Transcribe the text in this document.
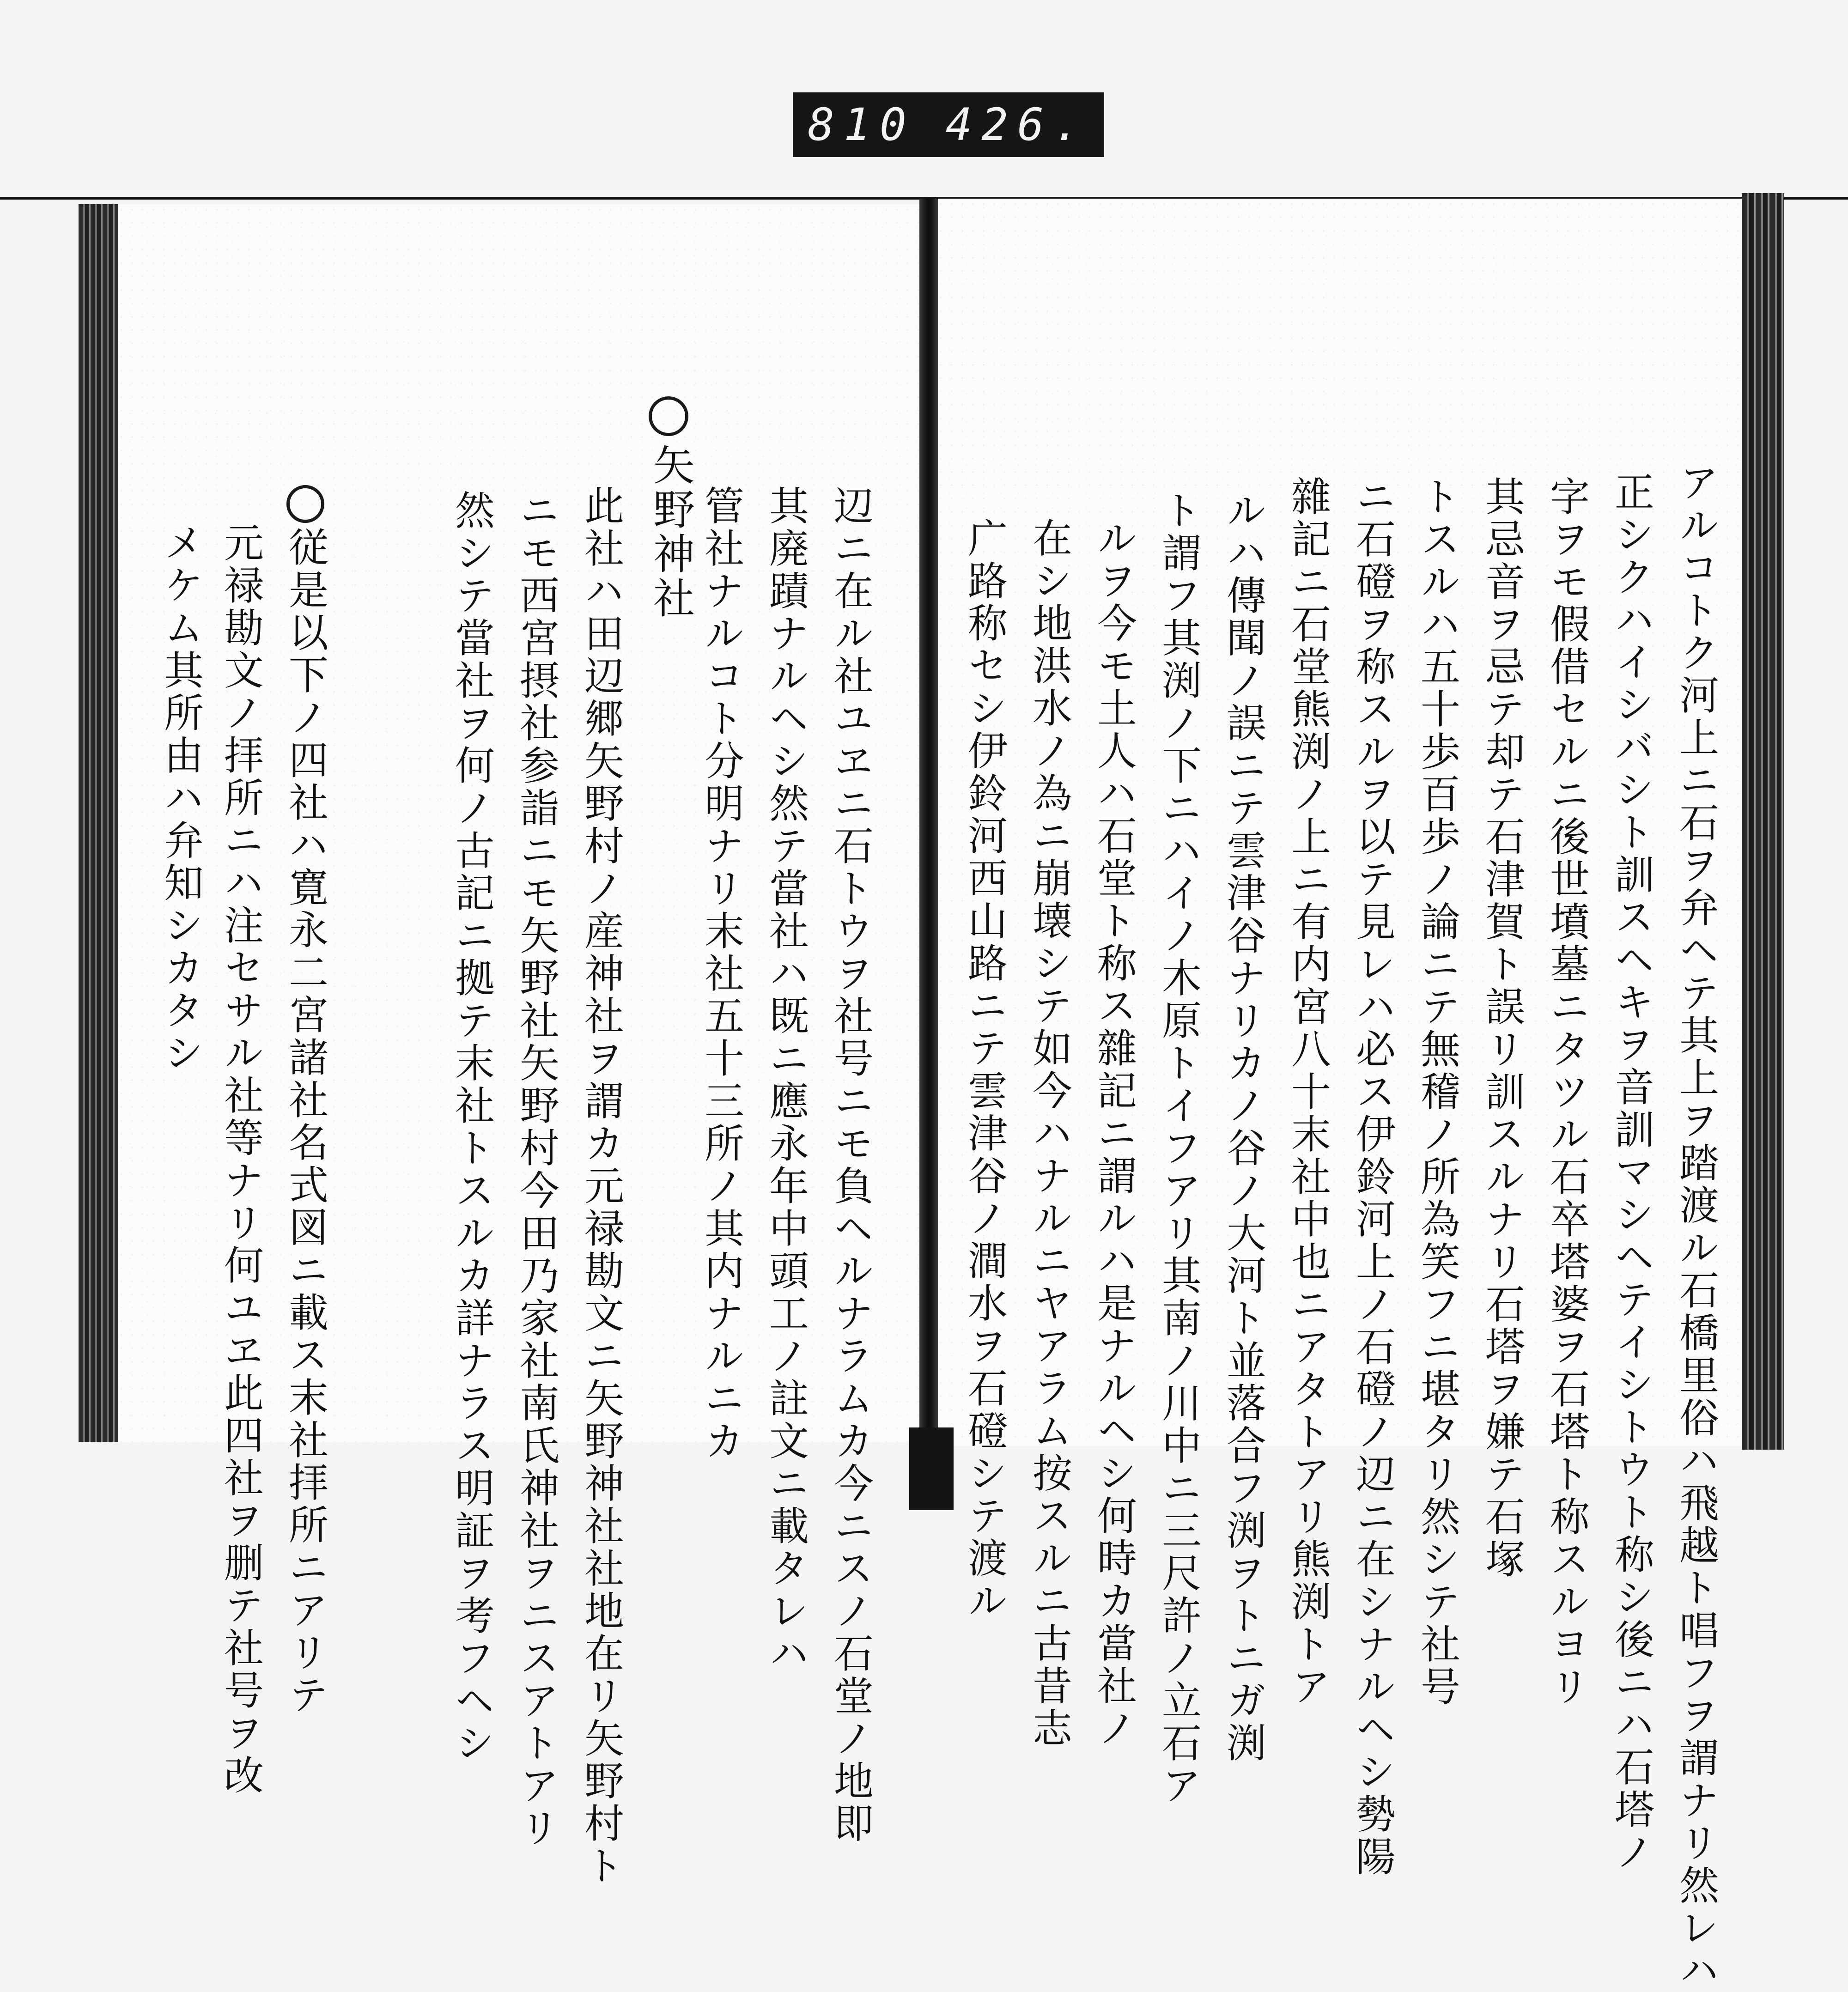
810 426.
アルコトク河上ニ石ヲ弁ヘテ其上ヲ踏渡ル石橋里俗ハ飛越ト唱フヲ謂ナリ然レハ
正シクハイシバシト訓スヘキヲ音訓マシヘテイシトウト称シ後ニハ石塔ノ
字ヲモ假借セルニ後世墳墓ニタツル石卒塔婆ヲ石塔ト称スルヨリ
其忌音ヲ忌テ却テ石津賀ト誤リ訓スルナリ石塔ヲ嫌テ石塚
トスルハ五十歩百歩ノ論ニテ無稽ノ所為笑フニ堪タリ然シテ社号
ニ石磴ヲ称スルヲ以テ見レハ必ス伊鈴河上ノ石磴ノ辺ニ在シナルヘシ勢陽
雜記ニ石堂熊渕ノ上ニ有内宮八十末社中也ニアタトアリ熊渕トア
ルハ傳聞ノ誤ニテ雲津谷ナリカノ谷ノ大河ト並落合フ渕ヲトニガ渕
ト謂フ其渕ノ下ニハイノ木原トイフアリ其南ノ川中ニ三尺許ノ立石ア
ルヲ今モ土人ハ石堂ト称ス雜記ニ謂ルハ是ナルヘシ何時カ當社ノ
在シ地洪水ノ為ニ崩壊シテ如今ハナルニヤアラム按スルニ古昔志
广路称セシ伊鈴河西山路ニテ雲津谷ノ澗水ヲ石磴シテ渡ル
辺ニ在ル社ユヱニ石トウヲ社号ニモ負ヘルナラムカ今ニスノ石堂ノ地即
其廃蹟ナルヘシ然テ當社ハ既ニ應永年中頭工ノ註文ニ載タレハ
管社ナルコト分明ナリ末社五十三所ノ其内ナルニカ
矢野神社
此社ハ田辺郷矢野村ノ産神社ヲ謂カ元禄勘文ニ矢野神社社地在リ矢野村ト
ニモ西宮摂社参詣ニモ矢野社矢野村今田乃家社南氏神社ヲニスアトアリ
然シテ當社ヲ何ノ古記ニ拠テ末社トスルカ詳ナラス明証ヲ考フヘシ
従是以下ノ四社ハ寛永二宮諸社名式図ニ載ス末社拝所ニアリテ
元禄勘文ノ拝所ニハ注セサル社等ナリ何ユヱ此四社ヲ删テ社号ヲ改
メケム其所由ハ弁知シカタシ
